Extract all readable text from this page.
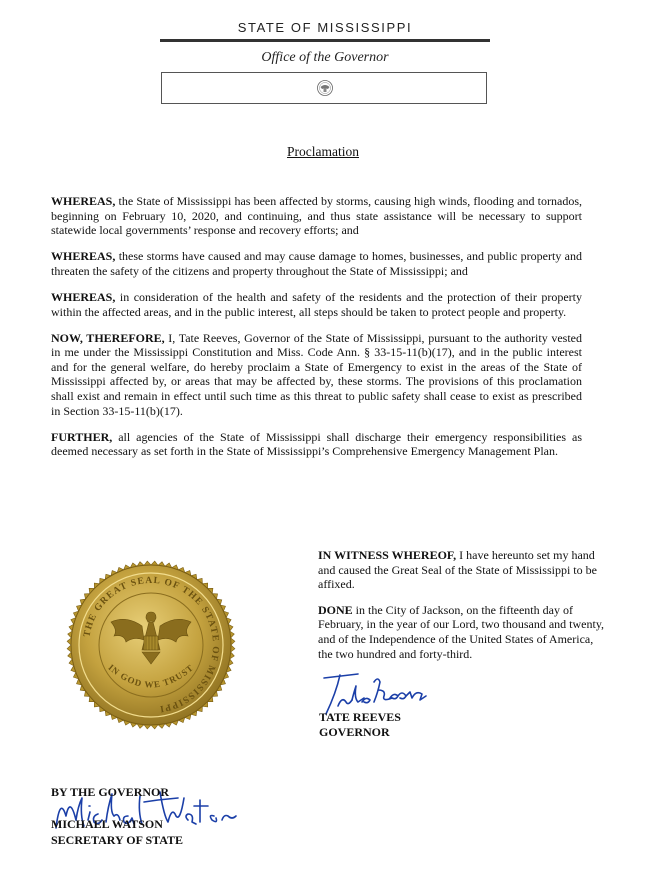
STATE OF MISSISSIPPI
Office of the Governor
Proclamation

WHEREAS, the State of Mississippi has been affected by storms, causing high winds, flooding and tornados, beginning on February 10, 2020, and continuing, and thus state assistance will be necessary to support statewide local governments’ response and recovery efforts; and

WHEREAS, these storms have caused and may cause damage to homes, businesses, and public property and threaten the safety of the citizens and property throughout the State of Mississippi; and

WHEREAS, in consideration of the health and safety of the residents and the protection of their property within the affected areas, and in the public interest, all steps should be taken to protect people and property.

NOW, THEREFORE, I, Tate Reeves, Governor of the State of Mississippi, pursuant to the authority vested in me under the Mississippi Constitution and Miss. Code Ann. § 33-15-11(b)(17), and in the public interest and for the general welfare, do hereby proclaim a State of Emergency to exist in the areas of the State of Mississippi affected by, or areas that may be affected by, these storms. The provisions of this proclamation shall exist and remain in effect until such time as this threat to public safety shall cease to exist as prescribed in Section 33-15-11(b)(17).

FURTHER, all agencies of the State of Mississippi shall discharge their emergency responsibilities as deemed necessary as set forth in the State of Mississippi’s Comprehensive Emergency Management Plan.

IN WITNESS WHEREOF, I have hereunto set my hand and caused the Great Seal of the State of Mississippi to be affixed.

DONE in the City of Jackson, on the fifteenth day of February, in the year of our Lord, two thousand and twenty, and of the Independence of the United States of America, the two hundred and forty-third.

THE GREAT SEAL OF THE STATE OF MISSISSIPPI
IN GOD WE TRUST
TATE REEVES
GOVERNOR
BY THE GOVERNOR
MICHAEL WATSON
SECRETARY OF STATE
